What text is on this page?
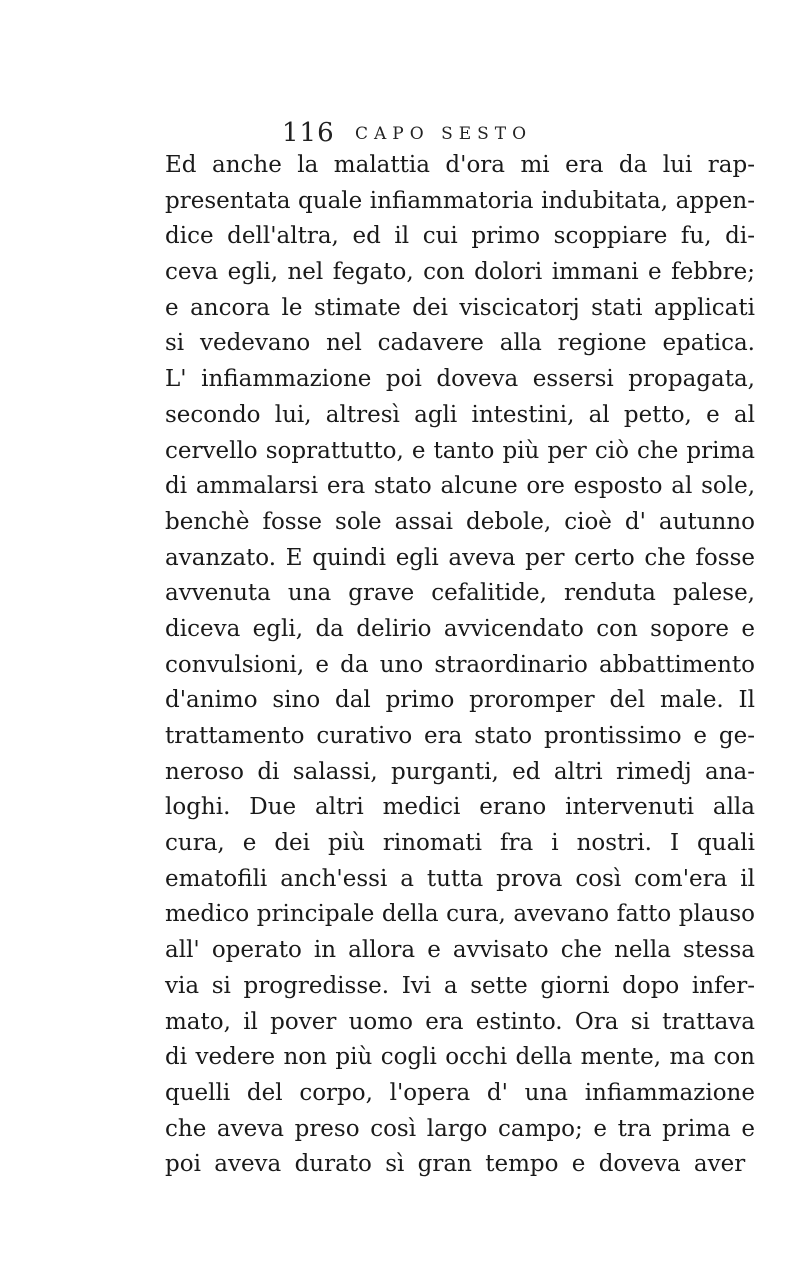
116 CAPO SESTO
Ed anche la malattia d'ora mi era da lui rap-
presentata quale infiammatoria indubitata, appen-
dice dell'altra, ed il cui primo scoppiare fu, di-
ceva egli, nel fegato, con dolori immani e febbre;
e ancora le stimate dei viscicatorj stati applicati
si vedevano nel cadavere alla regione epatica.
L' infiammazione poi doveva essersi propagata,
secondo lui, altresì agli intestini, al petto, e al
cervello soprattutto, e tanto più per ciò che prima
di ammalarsi era stato alcune ore esposto al sole,
benchè fosse sole assai debole, cioè d' autunno
avanzato. E quindi egli aveva per certo che fosse
avvenuta una grave cefalitide, renduta palese,
diceva egli, da delirio avvicendato con sopore e
convulsioni, e da uno straordinario abbattimento
d'animo sino dal primo proromper del male. Il
trattamento curativo era stato prontissimo e ge-
neroso di salassi, purganti, ed altri rimedj ana-
loghi. Due altri medici erano intervenuti alla
cura, e dei più rinomati fra i nostri. I quali
ematofili anch'essi a tutta prova così com'era il
medico principale della cura, avevano fatto plauso
all' operato in allora e avvisato che nella stessa
via si progredisse. Ivi a sette giorni dopo infer-
mato, il pover uomo era estinto. Ora si trattava
di vedere non più cogli occhi della mente, ma con
quelli del corpo, l'opera d' una infiammazione
che aveva preso così largo campo; e tra prima e
poi aveva durato sì gran tempo e doveva aver
